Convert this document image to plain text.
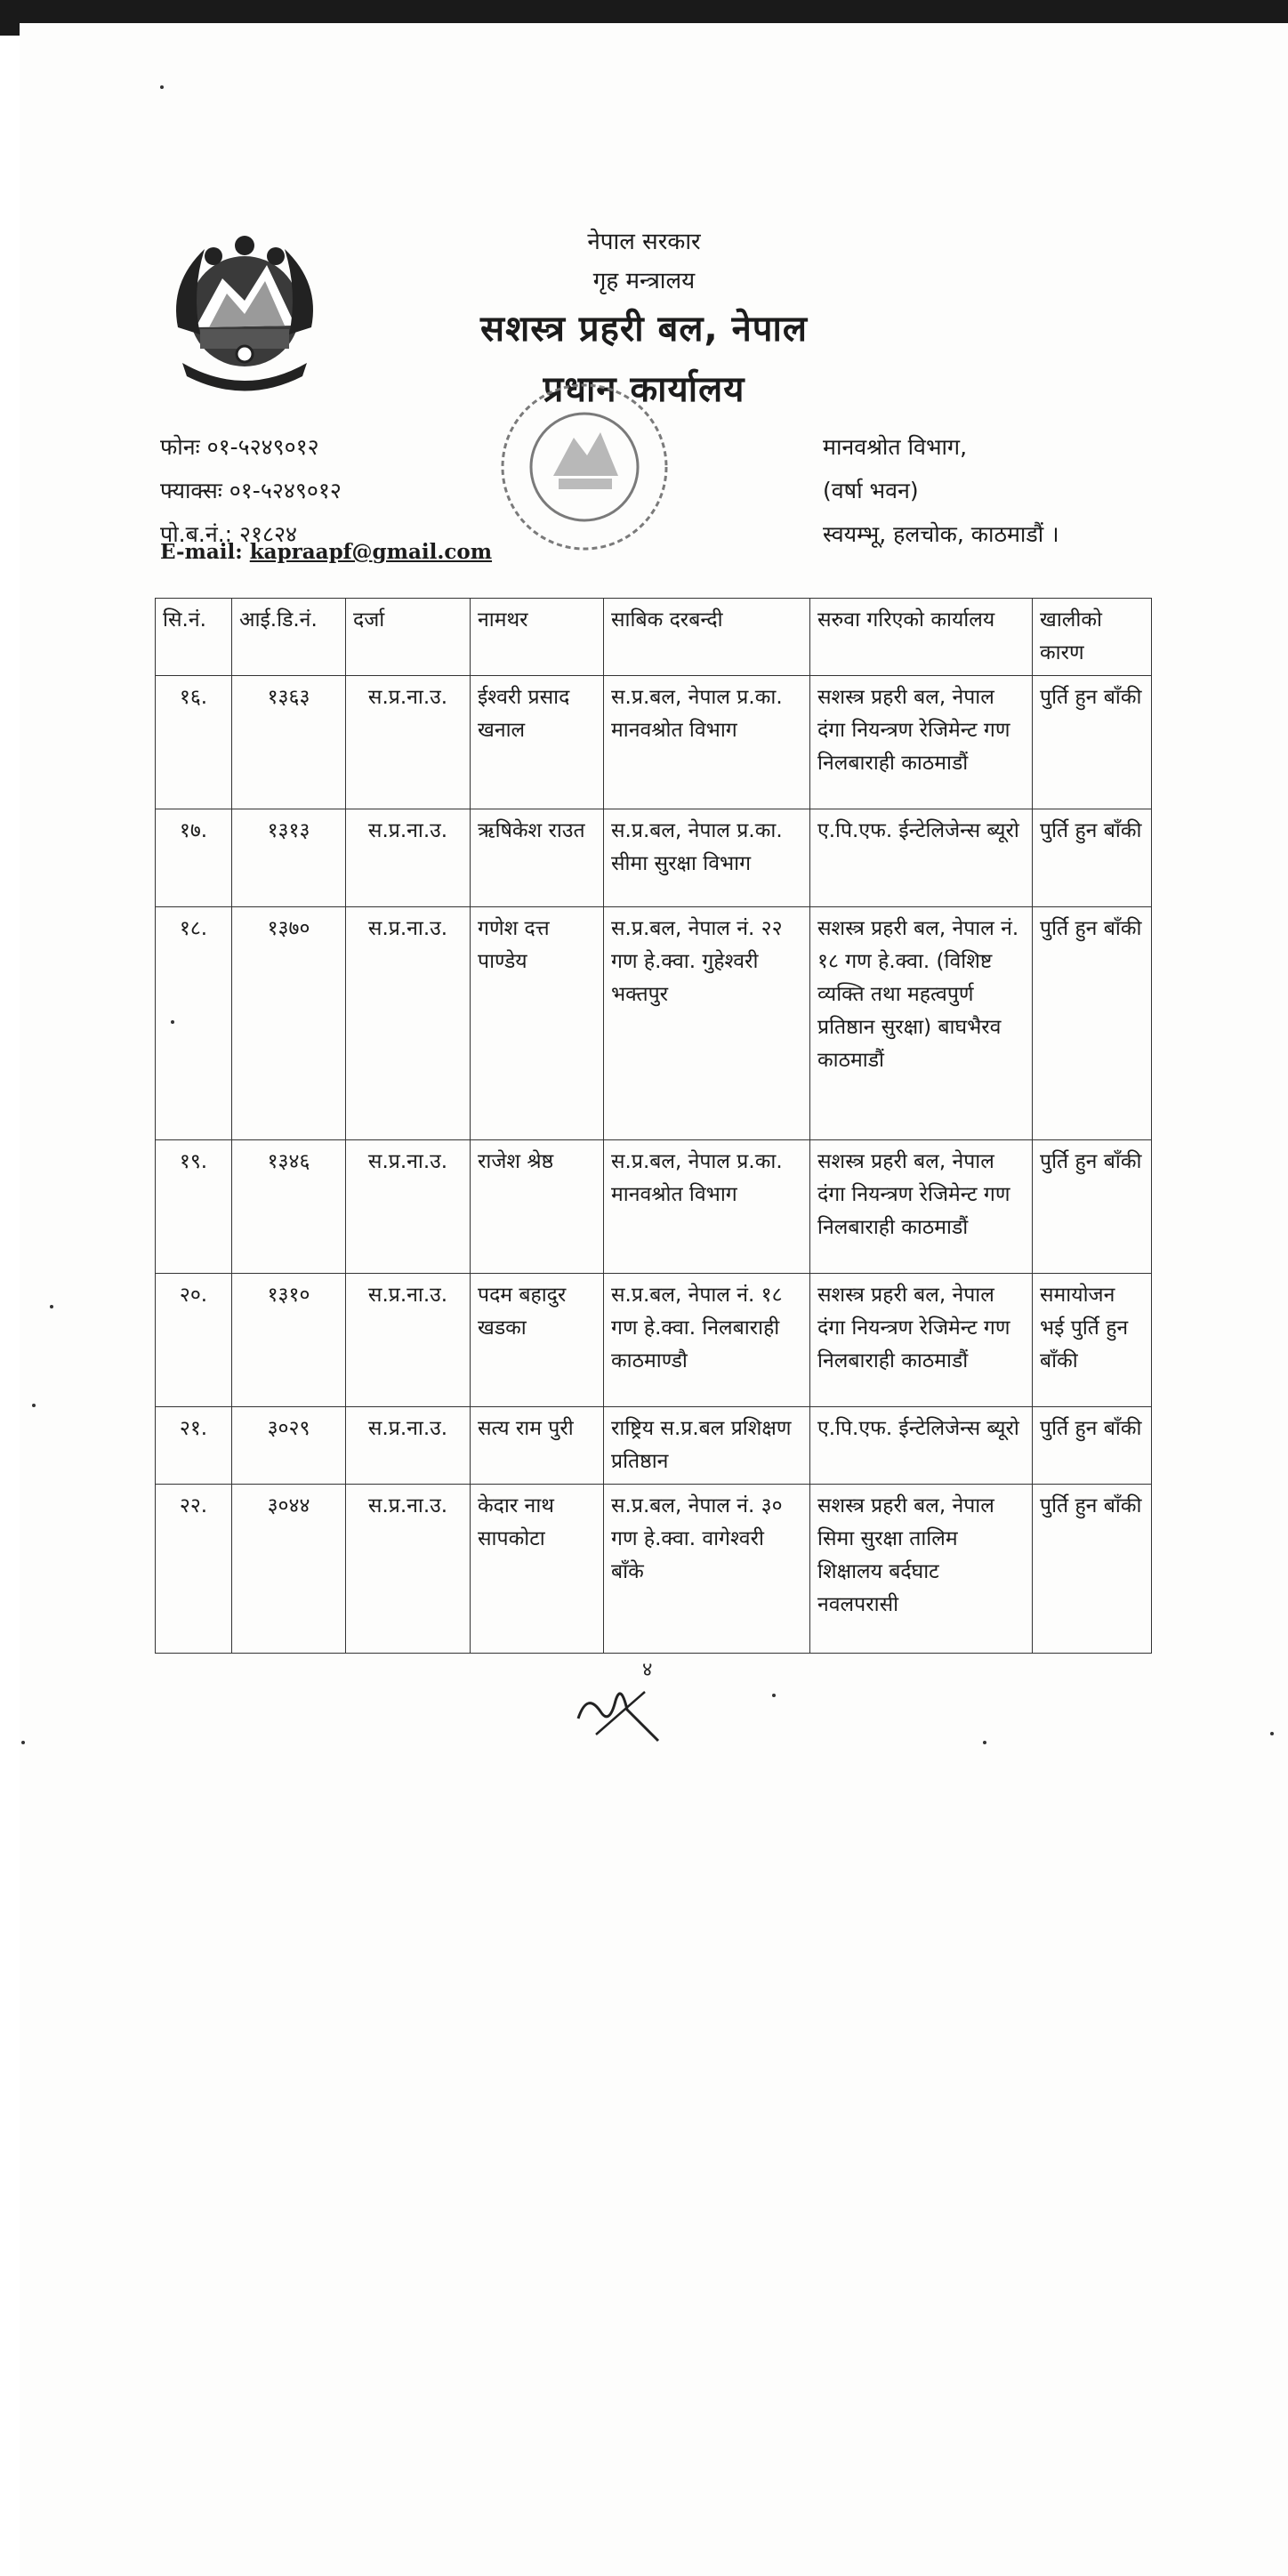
नेपाल सरकार
गृह मन्त्रालय
सशस्त्र प्रहरी बल, नेपाल
प्रधान कार्यालय
फोनः ०१-५२४९०१२
फ्याक्सः ०१-५२४९०१२
पो.ब.नं.: २१८२४
E-mail: kapraapf@gmail.com
मानवश्रोत विभाग,
(वर्षा भवन)
स्वयम्भू, हलचोक, काठमाडौं ।
सि.नं.	आई.डि.नं.	दर्जा	नामथर	साबिक दरबन्दी	सरुवा गरिएको कार्यालय	खालीको कारण
१६.	१३६३	स.प्र.ना.उ.	ईश्वरी प्रसाद खनाल	स.प्र.बल, नेपाल प्र.का. मानवश्रोत विभाग	सशस्त्र प्रहरी बल, नेपाल दंगा नियन्त्रण रेजिमेन्ट गण निलबाराही काठमाडौं	पुर्ति हुन बाँकी
१७.	१३१३	स.प्र.ना.उ.	ऋषिकेश राउत	स.प्र.बल, नेपाल प्र.का. सीमा सुरक्षा विभाग	ए.पि.एफ. ईन्टेलिजेन्स ब्यूरो	पुर्ति हुन बाँकी
१८.	१३७०	स.प्र.ना.उ.	गणेश दत्त पाण्डेय	स.प्र.बल, नेपाल नं. २२ गण हे.क्वा. गुहेश्वरी भक्तपुर	सशस्त्र प्रहरी बल, नेपाल नं. १८ गण हे.क्वा. (विशिष्ट व्यक्ति तथा महत्वपुर्ण प्रतिष्ठान सुरक्षा) बाघभैरव काठमाडौं	पुर्ति हुन बाँकी
१९.	१३४६	स.प्र.ना.उ.	राजेश श्रेष्ठ	स.प्र.बल, नेपाल प्र.का. मानवश्रोत विभाग	सशस्त्र प्रहरी बल, नेपाल दंगा नियन्त्रण रेजिमेन्ट गण निलबाराही काठमाडौं	पुर्ति हुन बाँकी
२०.	१३१०	स.प्र.ना.उ.	पदम बहादुर खडका	स.प्र.बल, नेपाल नं. १८ गण हे.क्वा. निलबाराही काठमाण्डौ	सशस्त्र प्रहरी बल, नेपाल दंगा नियन्त्रण रेजिमेन्ट गण निलबाराही काठमाडौं	समायोजन भई पुर्ति हुन बाँकी
२१.	३०२९	स.प्र.ना.उ.	सत्य राम पुरी	राष्ट्रिय स.प्र.बल प्रशिक्षण प्रतिष्ठान	ए.पि.एफ. ईन्टेलिजेन्स ब्यूरो	पुर्ति हुन बाँकी
२२.	३०४४	स.प्र.ना.उ.	केदार नाथ सापकोटा	स.प्र.बल, नेपाल नं. ३० गण हे.क्वा. वागेश्वरी बाँके	सशस्त्र प्रहरी बल, नेपाल सिमा सुरक्षा तालिम शिक्षालय बर्दघाट नवलपरासी	पुर्ति हुन बाँकी
४
